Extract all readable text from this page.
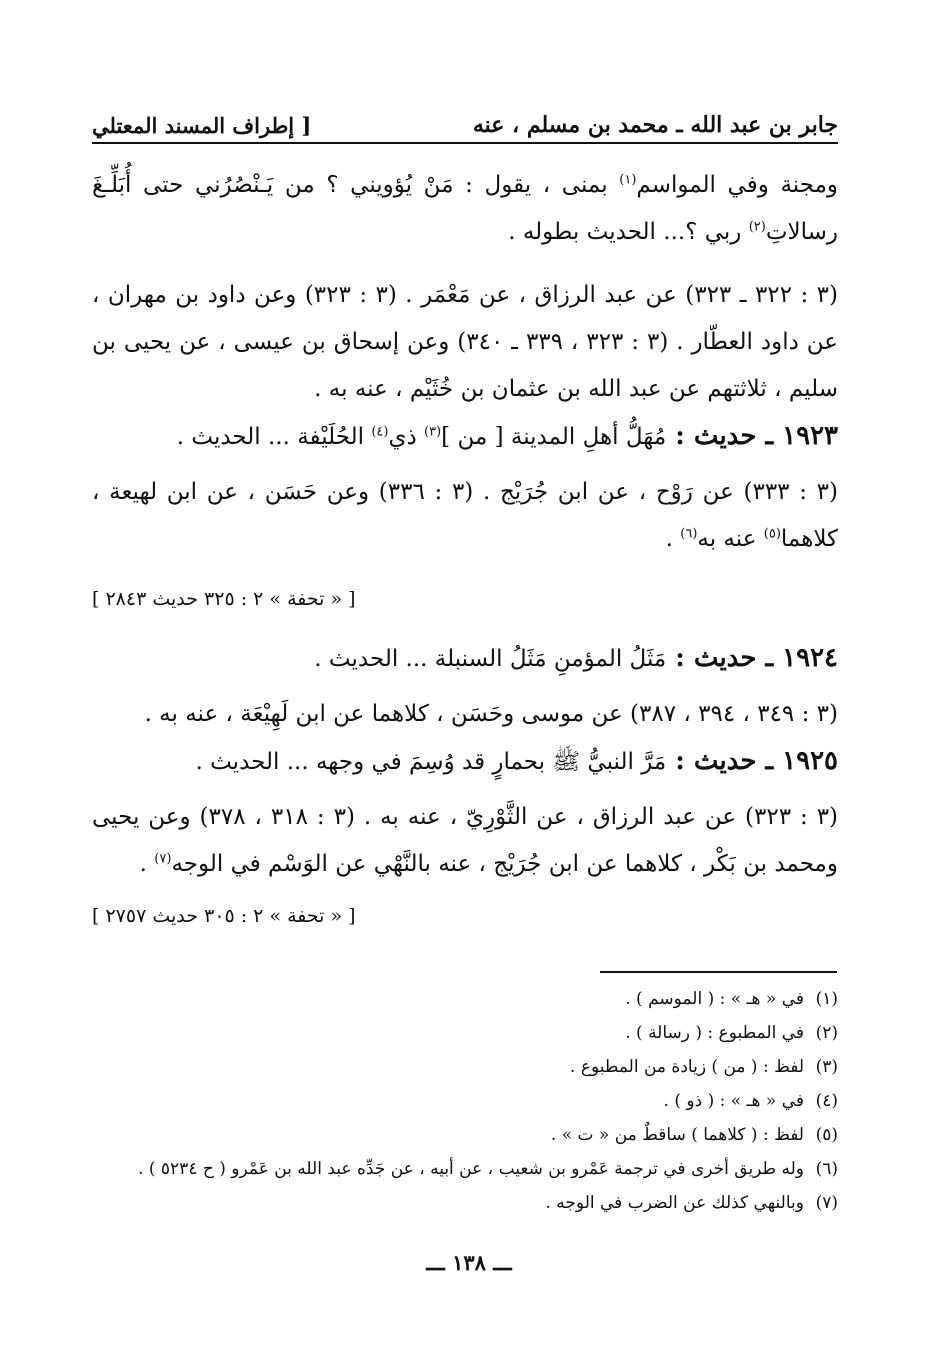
جابر بن عبد الله ـ محمد بن مسلم ، عنه
[ إطراف المسند المعتلي

ومجنة وفي المواسم$^{(١)}$ بمنى ، يقول : مَنْ يُؤويني ؟ من يَـنْصُرُني حتى أُبَلِّـغَ رسالاتِ$^{(٢)}$ ربي ؟... الحديث بطوله .

(٣ : ٣٢٢ ـ ٣٢٣) عن عبد الرزاق ، عن مَعْمَر . (٣ : ٣٢٣) وعن داود بن مهران ، عن داود العطّار . (٣ : ٣٢٣ ، ٣٣٩ ـ ٣٤٠) وعن إسحاق بن عيسى ، عن يحيى بن سليم ، ثلاثتهم عن عبد الله بن عثمان بن خُثَيْم ، عنه به .

١٩٢٣ ـ حديث : مُهَلُّ أهلِ المدينة [ من ]$^{(٣)}$ ذي$^{(٤)}$ الحُلَيْفة ... الحديث .

(٣ : ٣٣٣) عن رَوْح ، عن ابن جُرَيْج . (٣ : ٣٣٦) وعن حَسَن ، عن ابن لهيعة ، كلاهما$^{(٥)}$ عنه به$^{(٦)}$ .

[ « تحفة » ٢ : ٣٢٥ حديث ٢٨٤٣ ]

١٩٢٤ ـ حديث : مَثَلُ المؤمنِ مَثَلُ السنبلة ... الحديث .

(٣ : ٣٤٩ ، ٣٩٤ ، ٣٨٧) عن موسى وحَسَن ، كلاهما عن ابن لَهِيْعَة ، عنه به .

١٩٢٥ ـ حديث : مَرَّ النبيُّ ﷺ بحمارٍ قد وُسِمَ في وجهه ... الحديث .

(٣ : ٣٢٣) عن عبد الرزاق ، عن الثَّوْرِيّ ، عنه به . (٣ : ٣١٨ ، ٣٧٨) وعن يحيى ومحمد بن بَكْر ، كلاهما عن ابن جُرَيْج ، عنه بالنَّهْي عن الوَسْم في الوجه$^{(٧)}$ .

[ « تحفة » ٢ : ٣٠٥ حديث ٢٧٥٧ ]

(١)في « هـ » : ( الموسم ) .

(٢)في المطبوع : ( رسالة ) .

(٣)لفظ : ( من ) زيادة من المطبوع .

(٤)في « هـ » : ( ذو ) .

(٥)لفظ : ( كلاهما ) ساقطٌ من « ت » .

(٦)وله طريق أخرى في ترجمة عَمْرو بن شعيب ، عن أبيه ، عن جَدِّه عبد الله بن عَمْرو ( ح ٥٢٣٤ ) .

(٧)وبالنهي كذلك عن الضرب في الوجه .

ـــ ١٣٨ ـــ
